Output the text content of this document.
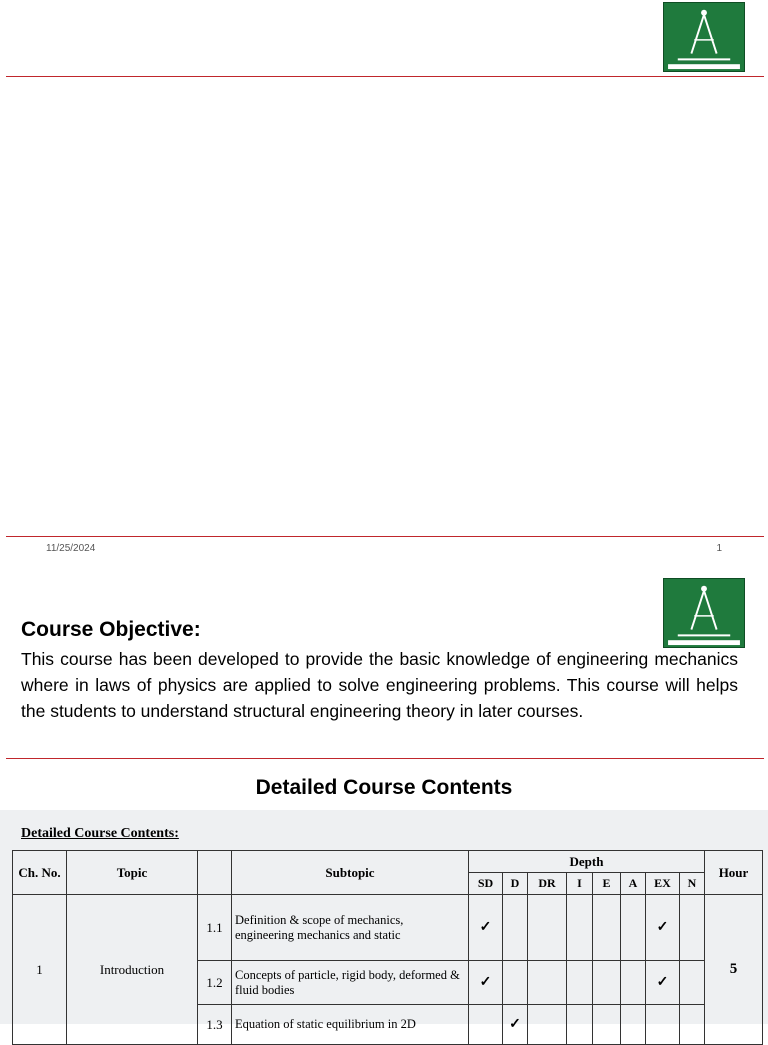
11/25/2024	1
Course Objective:
This course has been developed to provide the basic knowledge of engineering mechanics where in laws of physics are applied to solve engineering problems. This course will helps the students to understand structural engineering theory in later courses.
Detailed Course Contents
Detailed Course Contents:
Ch. No.	Topic		Subtopic	Depth								Hour
				SD	D	DR	I	E	A	EX	N	
1	Introduction	1.1	Definition & scope of mechanics, engineering mechanics and static	✓						✓		5
		1.2	Concepts of particle, rigid body, deformed & fluid bodies	✓						✓		
		1.3	Equation of static equilibrium in 2D		✓							
